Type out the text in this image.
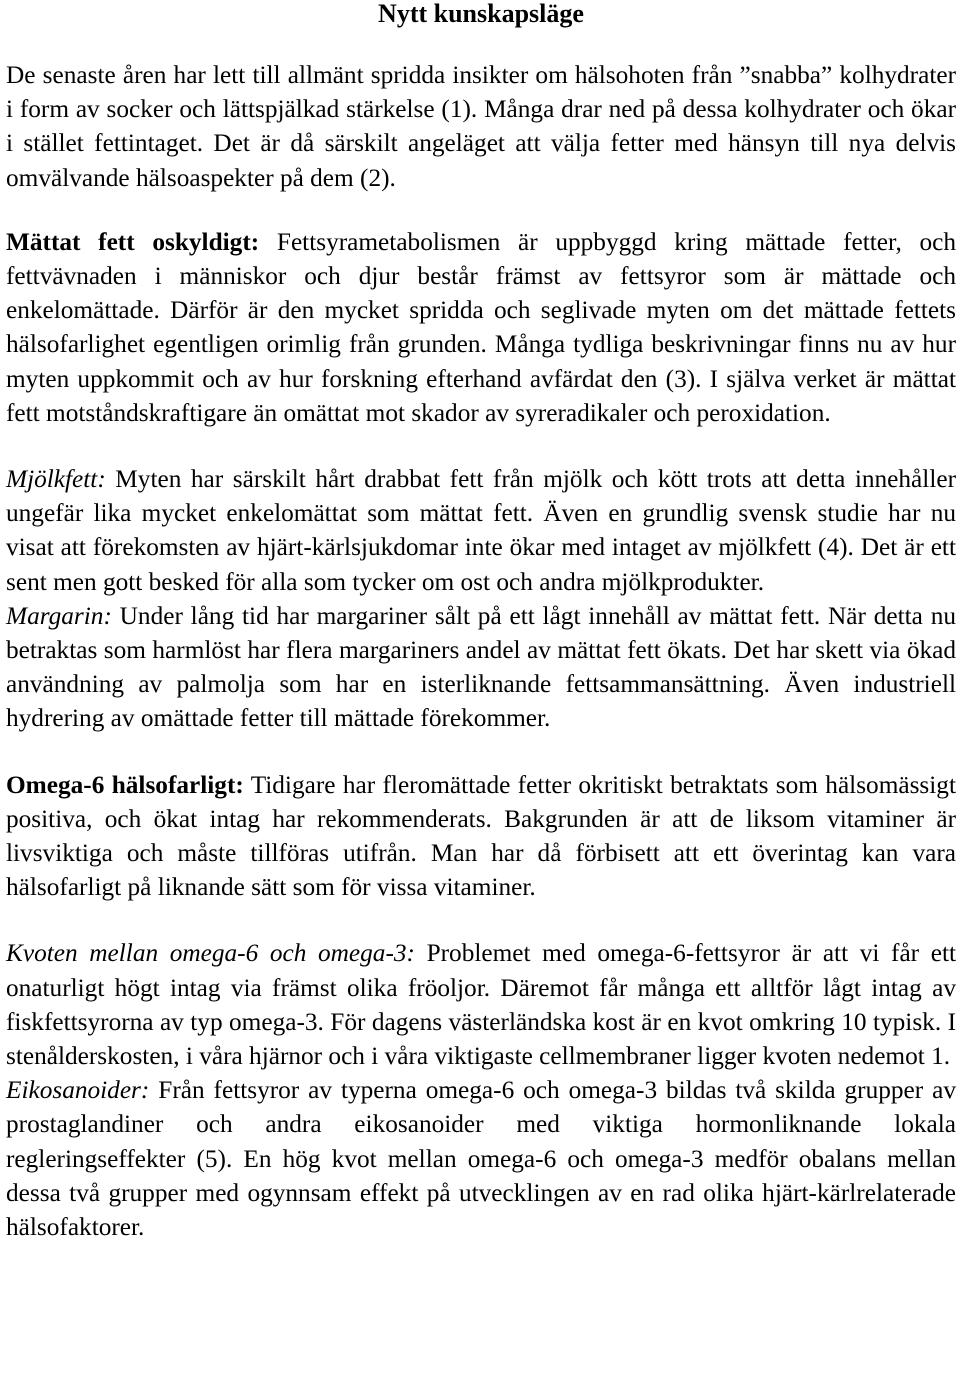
Nytt kunskapsläge

De senaste åren har lett till allmänt spridda insikter om hälsohoten från ”snabba” kolhydrater i form av socker och lättspjälkad stärkelse (1). Många drar ned på dessa kolhydrater och ökar i stället fettintaget. Det är då särskilt angeläget att välja fetter med hänsyn till nya delvis omvälvande hälsoaspekter på dem (2).

Mättat fett oskyldigt: Fettsyrametabolismen är uppbyggd kring mättade fetter, och fettvävnaden i människor och djur består främst av fettsyror som är mättade och enkelomättade. Därför är den mycket spridda och seglivade myten om det mättade fettets hälsofarlighet egentligen orimlig från grunden. Många tydliga beskrivningar finns nu av hur myten uppkommit och av hur forskning efterhand avfärdat den (3). I själva verket är mättat fett motståndskraftigare än omättat mot skador av syreradikaler och peroxidation.

Mjölkfett: Myten har särskilt hårt drabbat fett från mjölk och kött trots att detta innehåller ungefär lika mycket enkelomättat som mättat fett. Även en grundlig svensk studie har nu visat att förekomsten av hjärt-kärlsjukdomar inte ökar med intaget av mjölkfett (4). Det är ett sent men gott besked för alla som tycker om ost och andra mjölkprodukter.

Margarin: Under lång tid har margariner sålt på ett lågt innehåll av mättat fett. När detta nu betraktas som harmlöst har flera margariners andel av mättat fett ökats. Det har skett via ökad användning av palmolja som har en isterliknande fettsammansättning. Även industriell hydrering av omättade fetter till mättade förekommer.

Omega-6 hälsofarligt: Tidigare har fleromättade fetter okritiskt betraktats som hälsomässigt positiva, och ökat intag har rekommenderats. Bakgrunden är att de liksom vitaminer är livsviktiga och måste tillföras utifrån. Man har då förbisett att ett överintag kan vara hälsofarligt på liknande sätt som för vissa vitaminer.

Kvoten mellan omega-6 och omega-3: Problemet med omega-6-fettsyror är att vi får ett onaturligt högt intag via främst olika fröoljor. Däremot får många ett alltför lågt intag av fiskfettsyrorna av typ omega-3. För dagens västerländska kost är en kvot omkring 10 typisk. I stenålderskosten, i våra hjärnor och i våra viktigaste cellmembraner ligger kvoten nedemot 1.

Eikosanoider: Från fettsyror av typerna omega-6 och omega-3 bildas två skilda grupper av prostaglandiner och andra eikosanoider med viktiga hormonliknande lokala regleringseffekter (5). En hög kvot mellan omega-6 och omega-3 medför obalans mellan dessa två grupper med ogynnsam effekt på utvecklingen av en rad olika hjärt-kärlrelaterade hälsofaktorer.
